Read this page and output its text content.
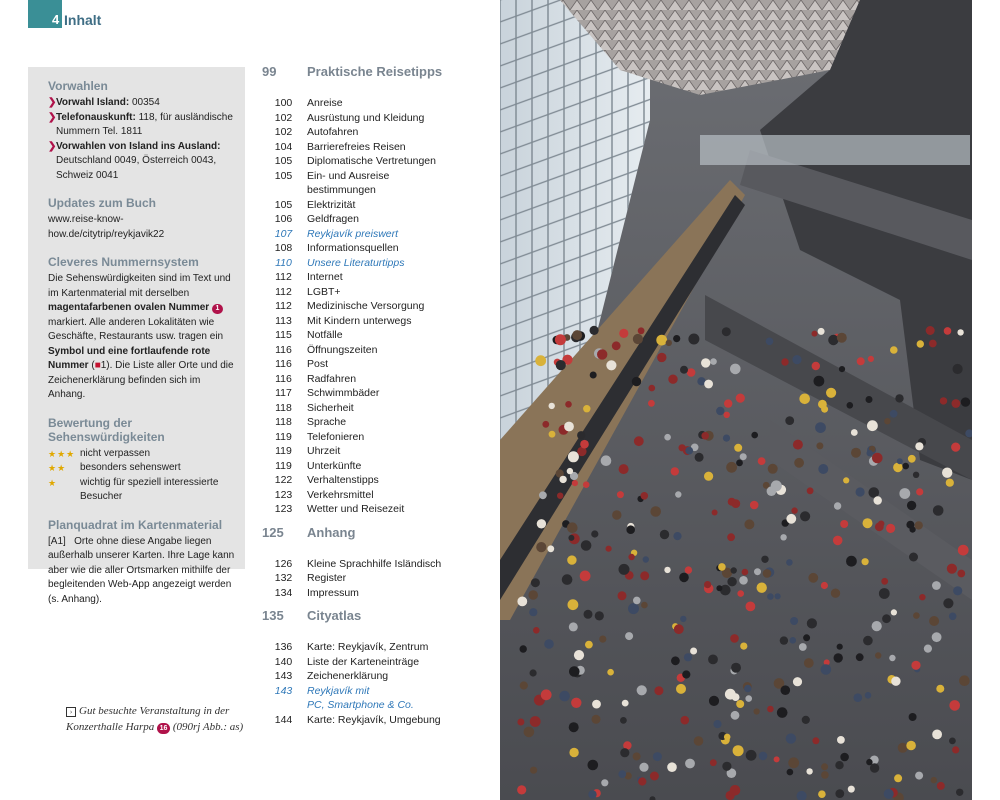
4 Inhalt
Vorwahlen
❯ Vorwahl Island: 00354
❯ Telefonauskunft: 118, für ausländische Nummern Tel. 1811
❯ Vorwahlen von Island ins Ausland: Deutschland 0049, Österreich 0043, Schweiz 0041
Updates zum Buch
www.reise-know-how.de/citytrip/reykjavik22
Cleveres Nummernsystem
Die Sehenswürdigkeiten sind im Text und im Kartenmaterial mit derselben magentafarbenen ovalen Nummer 1 markiert. Alle anderen Lokalitäten wie Geschäfte, Restaurants usw. tragen ein Symbol und eine fortlaufende rote Nummer (■1). Die Liste aller Orte und die Zeichenerklärung befinden sich im Anhang.
Bewertung der Sehenswürdigkeiten
★★★ nicht verpassen
★★	besonders sehenswert
★	wichtig für speziell interessierte Besucher
Planquadrat im Kartenmaterial
[A1] Orte ohne diese Angabe liegen außerhalb unserer Karten. Ihre Lage kann aber wie die aller Ortsmarken mithilfe der begleitenden Web-App angezeigt werden (s. Anhang).
› Gut besuchte Veranstaltung in der Konzerthalle Harpa 16 (090rj Abb.: as)
99	Praktische Reisetipps
100	Anreise
102	Ausrüstung und Kleidung
102	Autofahren
104	Barrierefreies Reisen
105	Diplomatische Vertretungen
105	Ein- und Ausreise
bestimmungen
105	Elektrizität
106	Geldfragen
107	Reykjavík preiswert
108	Informationsquellen
110	Unsere Literaturtipps
112	Internet
112	LGBT+
112	Medizinische Versorgung
113	Mit Kindern unterwegs
115	Notfälle
116	Öffnungszeiten
116	Post
116	Radfahren
117	Schwimmbäder
118	Sicherheit
118	Sprache
119	Telefonieren
119	Uhrzeit
119	Unterkünfte
122	Verhaltenstipps
123	Verkehrsmittel
123	Wetter und Reisezeit
125	Anhang
126	Kleine Sprachhilfe Isländisch
132	Register
134	Impressum
135	Cityatlas
136	Karte: Reykjavík, Zentrum
140	Liste der Karteneinträge
143	Zeichenerklärung
143	Reykjavík mit
PC, Smartphone & Co.
144	Karte: Reykjavík, Umgebung
